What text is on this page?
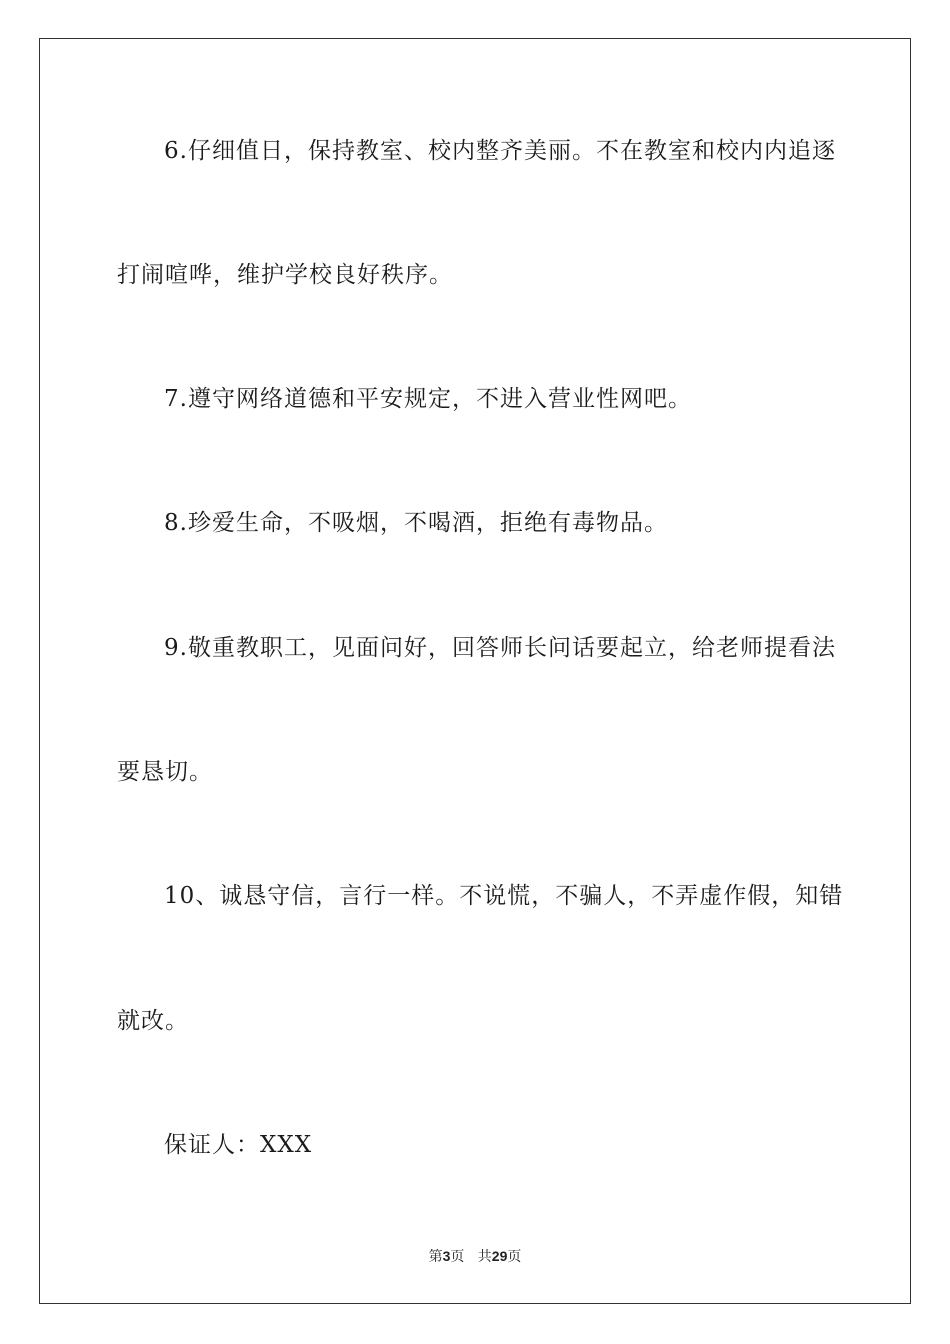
6.仔细值日，保持教室、校内整齐美丽。不在教室和校内内追逐
打闹喧哗，维护学校良好秩序。
7.遵守网络道德和平安规定，不进入营业性网吧。
8.珍爱生命，不吸烟，不喝酒，拒绝有毒物品。
9.敬重教职工，见面问好，回答师长问话要起立，给老师提看法
要恳切。
10、诚恳守信，言行一样。不说慌，不骗人，不弄虚作假，知错
就改。
保证人：XXX
第3页 共29页
